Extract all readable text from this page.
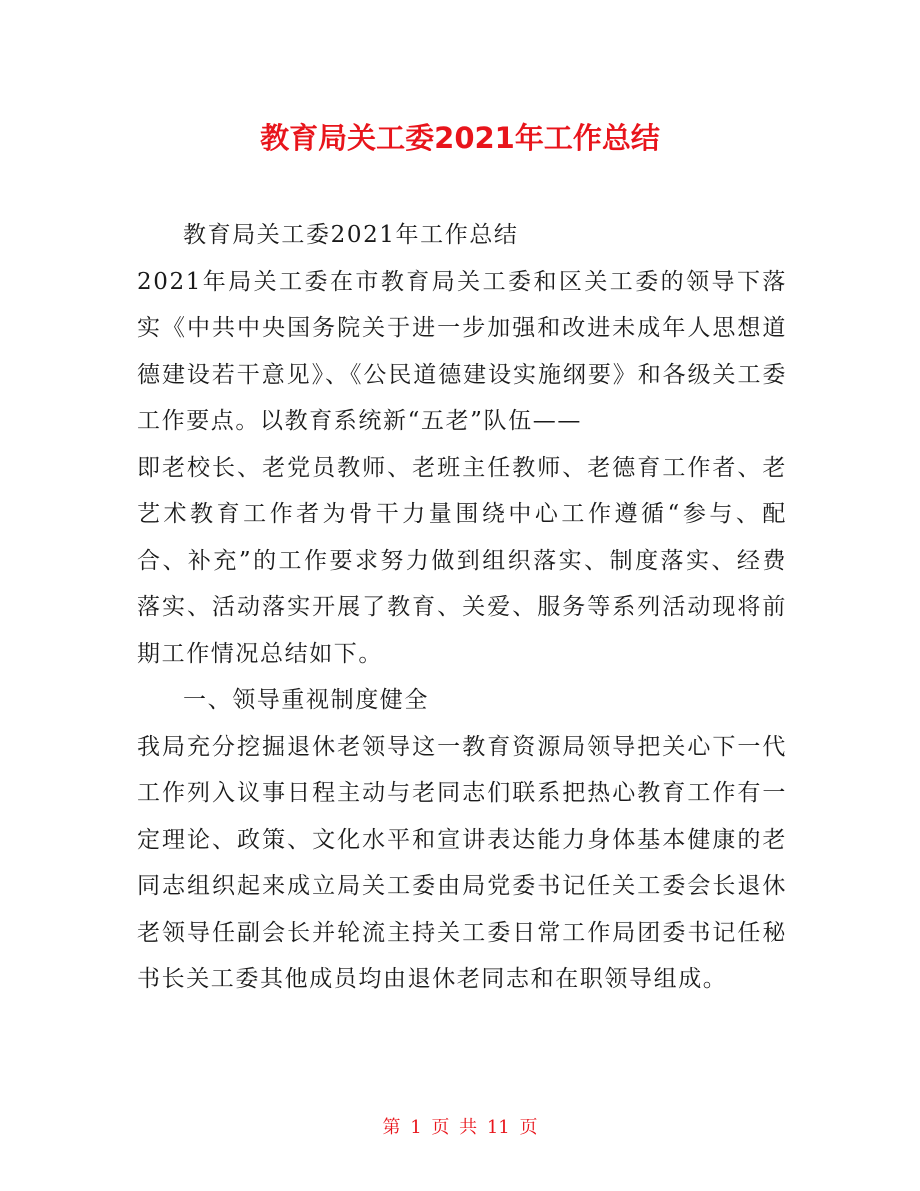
教育局关工委2021年工作总结

教育局关工委2021年工作总结

2021年局关工委在市教育局关工委和区关工委的领导下落实《中共中央国务院关于进一步加强和改进未成年人思想道德建设若干意见》、《公民道德建设实施纲要》和各级关工委工作要点。以教育系统新“五老”队伍——

即老校长、老党员教师、老班主任教师、老德育工作者、老艺术教育工作者为骨干力量围绕中心工作遵循“参与、配合、补充”的工作要求努力做到组织落实、制度落实、经费落实、活动落实开展了教育、关爱、服务等系列活动现将前期工作情况总结如下。

一、领导重视制度健全

我局充分挖掘退休老领导这一教育资源局领导把关心下一代工作列入议事日程主动与老同志们联系把热心教育工作有一定理论、政策、文化水平和宣讲表达能力身体基本健康的老同志组织起来成立局关工委由局党委书记任关工委会长退休老领导任副会长并轮流主持关工委日常工作局团委书记任秘书长关工委其他成员均由退休老同志和在职领导组成。

第 1 页 共 11 页
